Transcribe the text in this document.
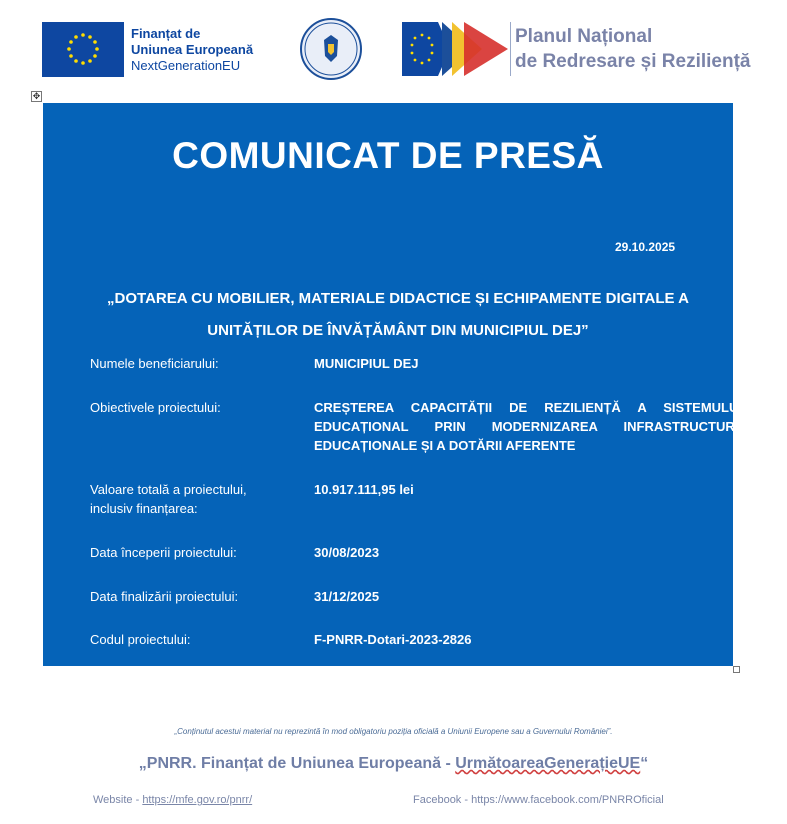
Finanțat de
Uniunea Europeană
NextGenerationEU
Planul Național
de Redresare și Reziliență
✥
COMUNICAT DE PRESĂ
29.10.2025
„DOTAREA CU MOBILIER, MATERIALE DIDACTICE ȘI ECHIPAMENTE DIGITALE A UNITĂȚILOR DE ÎNVĂȚĂMÂNT DIN MUNICIPIUL DEJ”
Numele beneficiarului:	MUNICIPIUL DEJ
Obiectivele proiectului:	CREȘTEREA CAPACITĂȚII DE REZILIENȚĂ A SISTEMULUI EDUCAȚIONAL PRIN MODERNIZAREA INFRASTRUCTURII EDUCAȚIONALE ȘI A DOTĂRII AFERENTE
Valoare totală a proiectului, inclusiv finanțarea:
10.917.111,95 lei
Data începerii proiectului:	30/08/2023
Data finalizării proiectului:	31/12/2025
Codul proiectului:	F-PNRR-Dotari-2023-2826
„Conținutul acestui material nu reprezintă în mod obligatoriu poziția oficială a Uniunii Europene sau a Guvernului României”.
„PNRR. Finanțat de Uniunea Europeană - UrmătoareaGenerațieUE“
Website - https://mfe.gov.ro/pnrr/	Facebook - https://www.facebook.com/PNRROficial
